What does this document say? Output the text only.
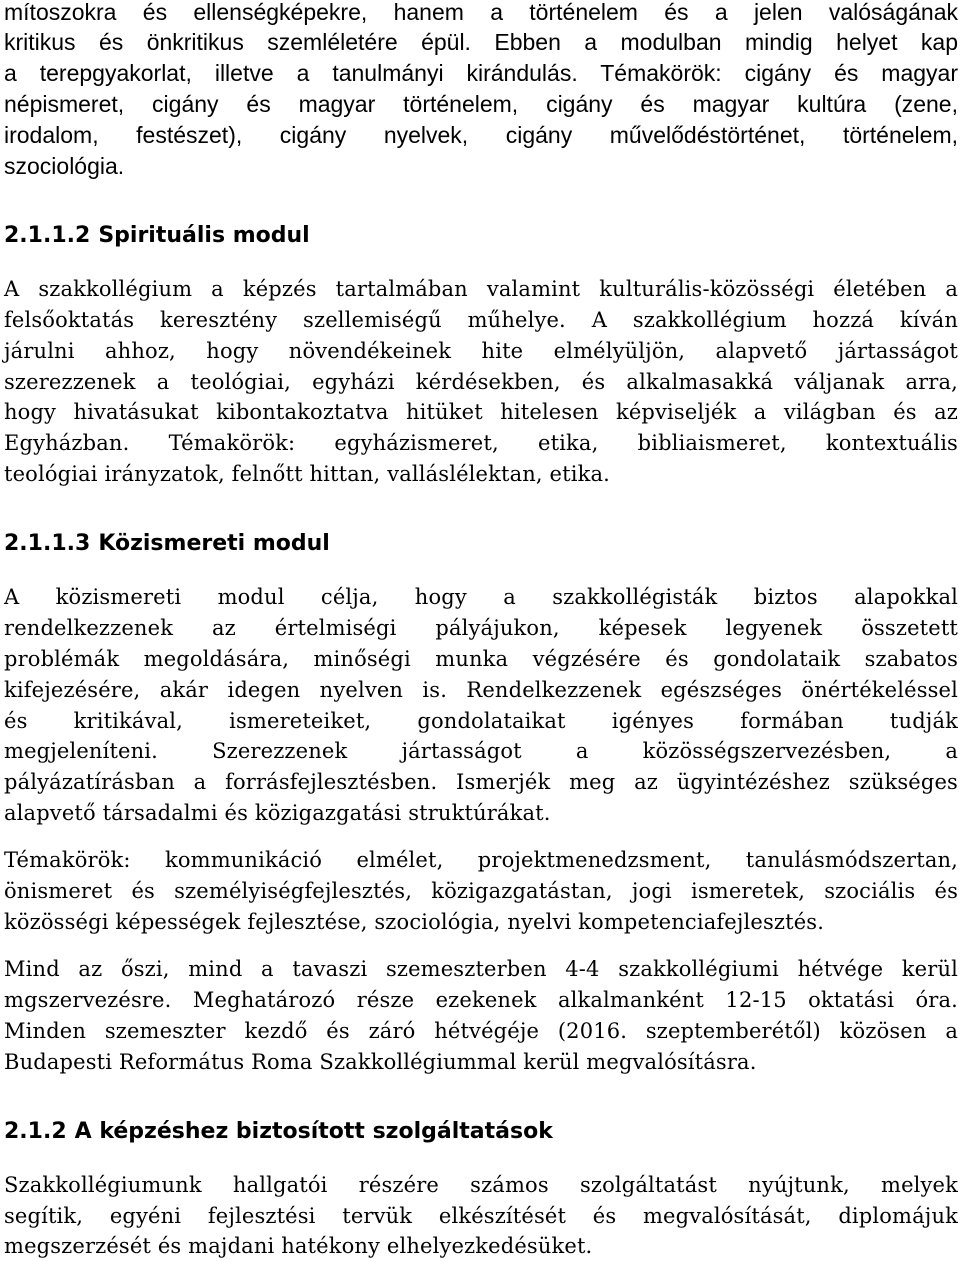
mítoszokra és ellenségképekre, hanem a történelem és a jelen valóságának
kritikus és önkritikus szemléletére épül. Ebben a modulban mindig helyet kap
a terepgyakorlat, illetve a tanulmányi kirándulás. Témakörök: cigány és magyar
népismeret, cigány és magyar történelem, cigány és magyar kultúra (zene,
irodalom, festészet), cigány nyelvek, cigány művelődéstörténet, történelem,
szociológia.
2.1.1.2 Spirituális modul
A szakkollégium a képzés tartalmában valamint kulturális-közösségi életében a
felsőoktatás keresztény szellemiségű műhelye. A szakkollégium hozzá kíván
járulni ahhoz, hogy növendékeinek hite elmélyüljön, alapvető jártasságot
szerezzenek a teológiai, egyházi kérdésekben, és alkalmasakká váljanak arra,
hogy hivatásukat kibontakoztatva hitüket hitelesen képviseljék a világban és az
Egyházban. Témakörök: egyházismeret, etika, bibliaismeret, kontextuális
teológiai irányzatok, felnőtt hittan, valláslélektan, etika.
2.1.1.3 Közismereti modul
A közismereti modul célja, hogy a szakkollégisták biztos alapokkal
rendelkezzenek az értelmiségi pályájukon, képesek legyenek összetett
problémák megoldására, minőségi munka végzésére és gondolataik szabatos
kifejezésére, akár idegen nyelven is. Rendelkezzenek egészséges önértékeléssel
és kritikával, ismereteiket, gondolataikat igényes formában tudják
megjeleníteni. Szerezzenek jártasságot a közösségszervezésben, a
pályázatírásban a forrásfejlesztésben. Ismerjék meg az ügyintézéshez szükséges
alapvető társadalmi és közigazgatási struktúrákat.
Témakörök: kommunikáció elmélet, projektmenedzsment, tanulásmódszertan,
önismeret és személyiségfejlesztés, közigazgatástan, jogi ismeretek, szociális és
közösségi képességek fejlesztése, szociológia, nyelvi kompetenciafejlesztés.
Mind az őszi, mind a tavaszi szemeszterben 4-4 szakkollégiumi hétvége kerül
mgszervezésre. Meghatározó része ezekenek alkalmanként 12-15 oktatási óra.
Minden szemeszter kezdő és záró hétvégéje (2016. szeptemberétől) közösen a
Budapesti Református Roma Szakkollégiummal kerül megvalósításra.
2.1.2 A képzéshez biztosított szolgáltatások
Szakkollégiumunk hallgatói részére számos szolgáltatást nyújtunk, melyek
segítik, egyéni fejlesztési tervük elkészítését és megvalósítását, diplomájuk
megszerzését és majdani hatékony elhelyezkedésüket.
